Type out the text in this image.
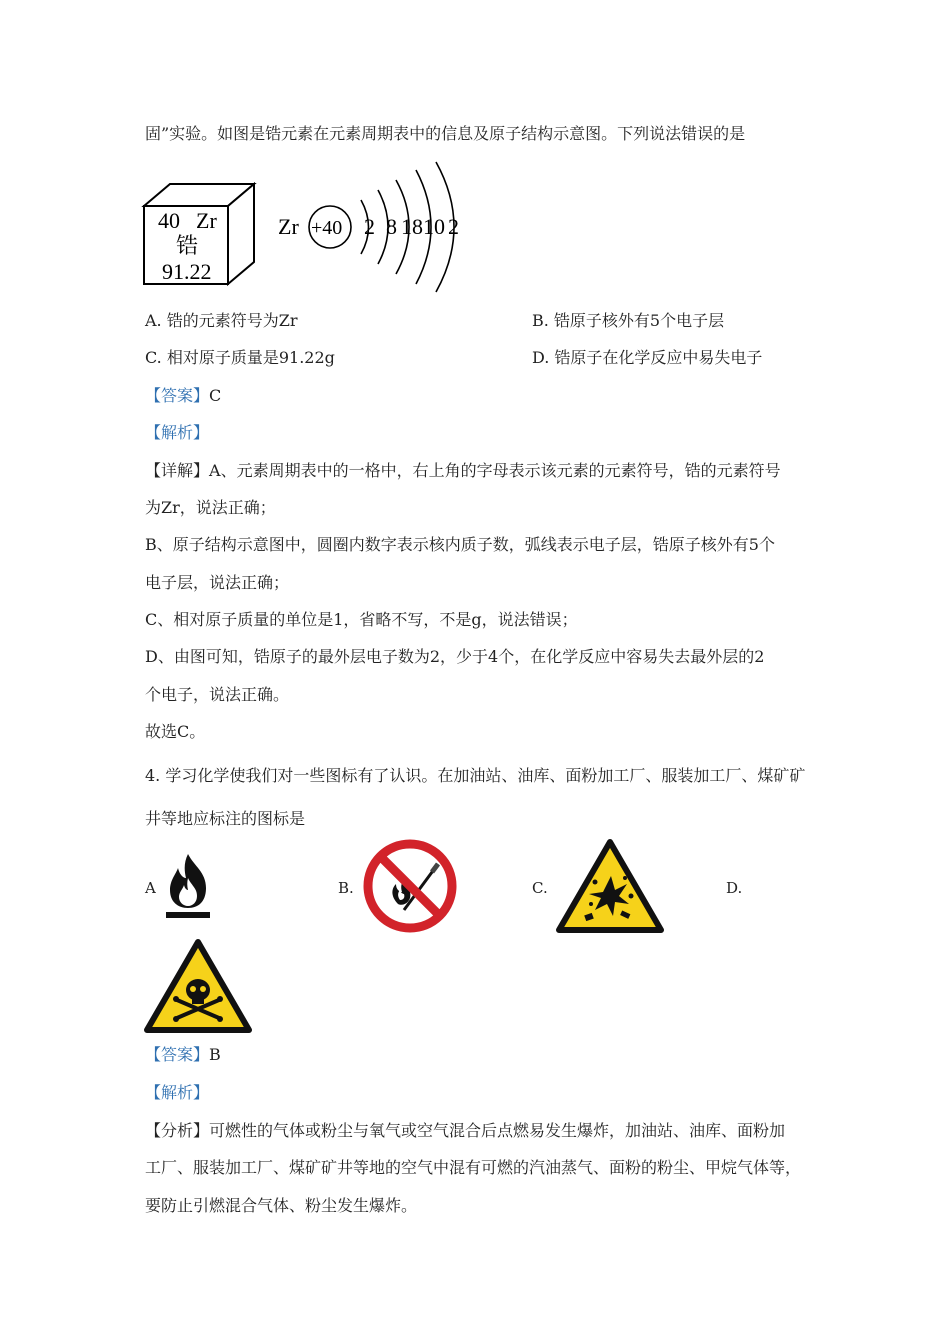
固”实验。如图是锆元素在元素周期表中的信息及原子结构示意图。下列说法错误的是
40 Zr
锆
91.22
Zr +40 2 8 18 10 2
A. 锆的元素符号为Zr	B. 锆原子核外有5个电子层
C. 相对原子质量是91.22g	D. 锆原子在化学反应中易失电子
【答案】C
【解析】
【详解】A、元素周期表中的一格中，右上角的字母表示该元素的元素符号，锆的元素符号
为Zr，说法正确；
B、原子结构示意图中，圆圈内数字表示核内质子数，弧线表示电子层，锆原子核外有5个
电子层，说法正确；
C、相对原子质量的单位是1，省略不写，不是g，说法错误；
D、由图可知，锆原子的最外层电子数为2，少于4个，在化学反应中容易失去最外层的2
个电子，说法正确。
故选C。
4. 学习化学使我们对一些图标有了认识。在加油站、油库、面粉加工厂、服装加工厂、煤矿矿
井等地应标注的图标是
A	B.	C.	D.
【答案】B
【解析】
【分析】可燃性的气体或粉尘与氧气或空气混合后点燃易发生爆炸，加油站、油库、面粉加
工厂、服装加工厂、煤矿矿井等地的空气中混有可燃的汽油蒸气、面粉的粉尘、甲烷气体等，
要防止引燃混合气体、粉尘发生爆炸。
